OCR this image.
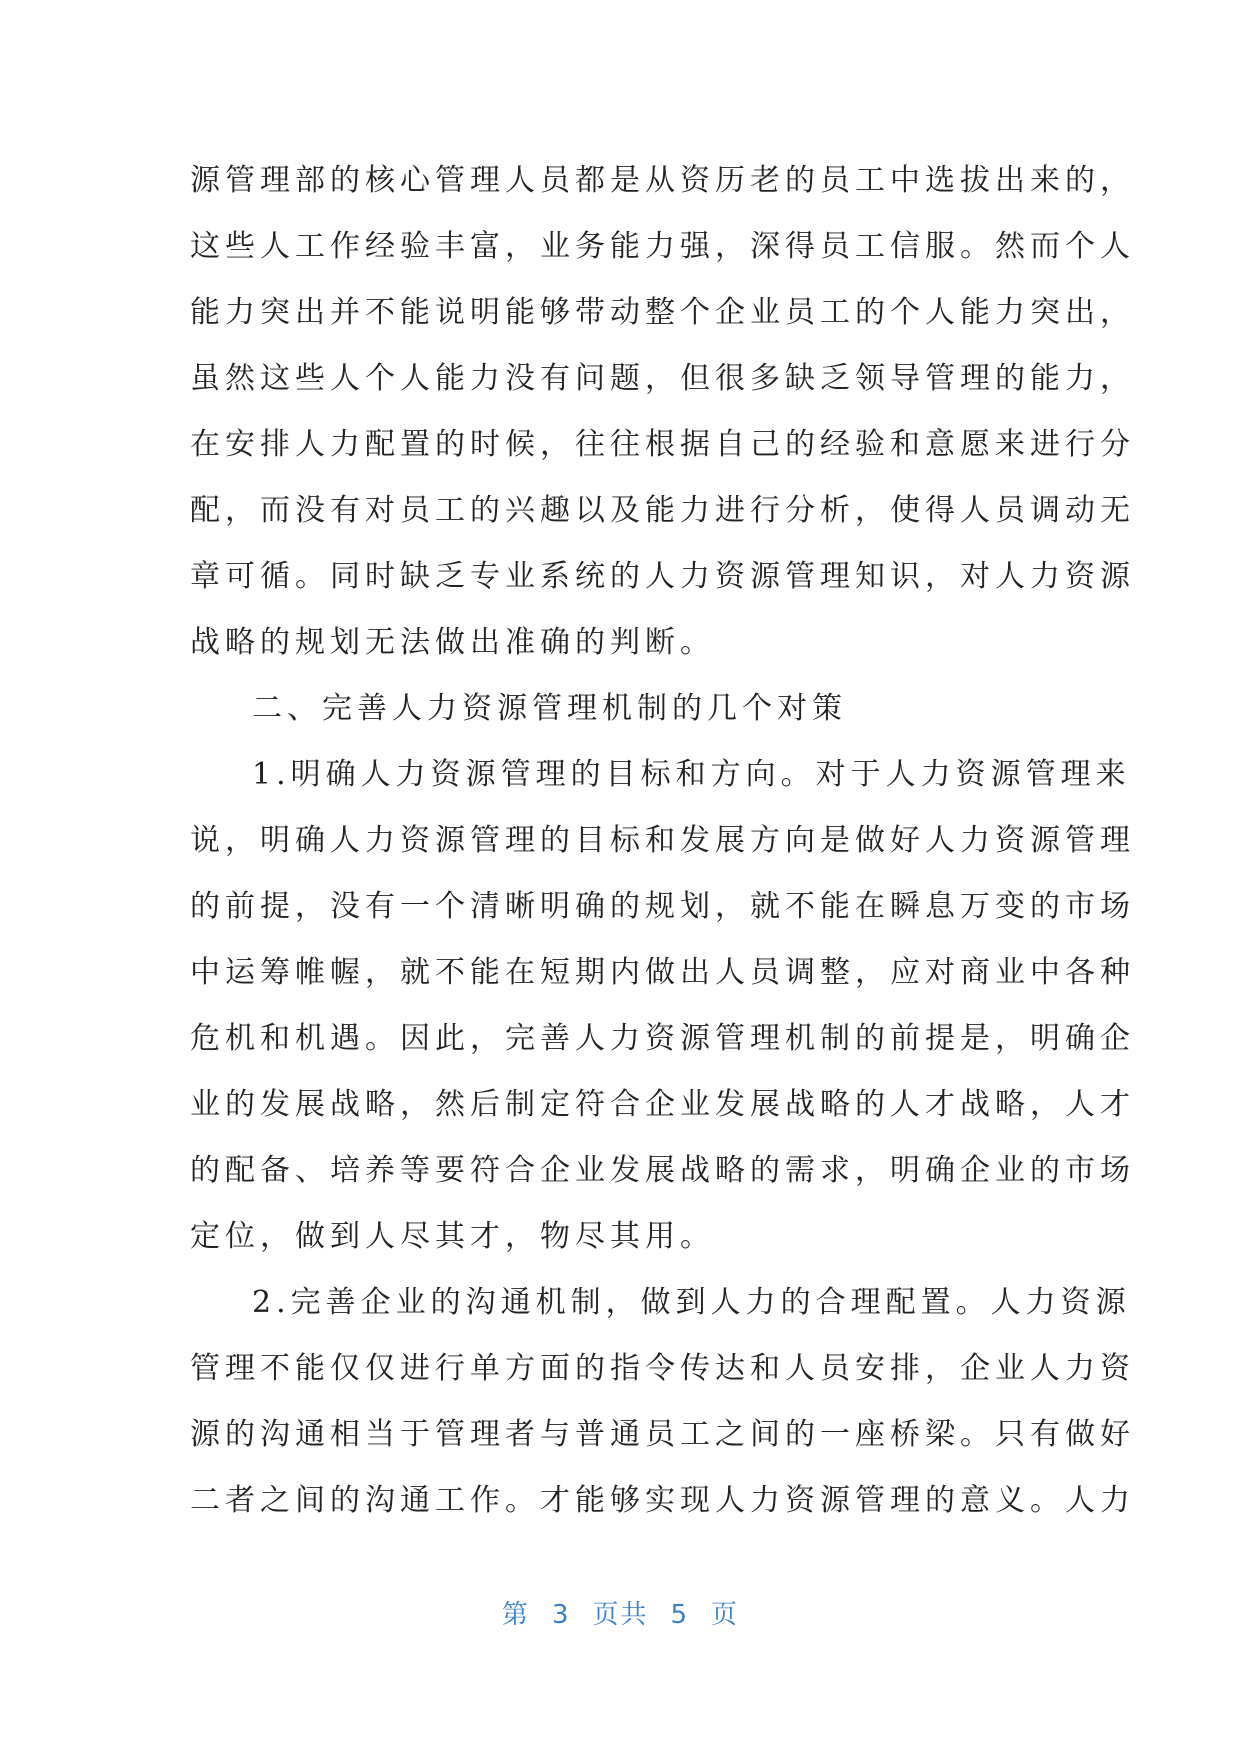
源管理部的核心管理人员都是从资历老的员工中选拔出来的，
这些人工作经验丰富，业务能力强，深得员工信服。然而个人
能力突出并不能说明能够带动整个企业员工的个人能力突出，
虽然这些人个人能力没有问题，但很多缺乏领导管理的能力，
在安排人力配置的时候，往往根据自己的经验和意愿来进行分
配，而没有对员工的兴趣以及能力进行分析，使得人员调动无
章可循。同时缺乏专业系统的人力资源管理知识，对人力资源
战略的规划无法做出准确的判断。
二、完善人力资源管理机制的几个对策
1.明确人力资源管理的目标和方向。对于人力资源管理来
说，明确人力资源管理的目标和发展方向是做好人力资源管理
的前提，没有一个清晰明确的规划，就不能在瞬息万变的市场
中运筹帷幄，就不能在短期内做出人员调整，应对商业中各种
危机和机遇。因此，完善人力资源管理机制的前提是，明确企
业的发展战略，然后制定符合企业发展战略的人才战略，人才
的配备、培养等要符合企业发展战略的需求，明确企业的市场
定位，做到人尽其才，物尽其用。
2.完善企业的沟通机制，做到人力的合理配置。人力资源
管理不能仅仅进行单方面的指令传达和人员安排，企业人力资
源的沟通相当于管理者与普通员工之间的一座桥梁。只有做好
二者之间的沟通工作。才能够实现人力资源管理的意义。人力
第 3 页共 5 页
